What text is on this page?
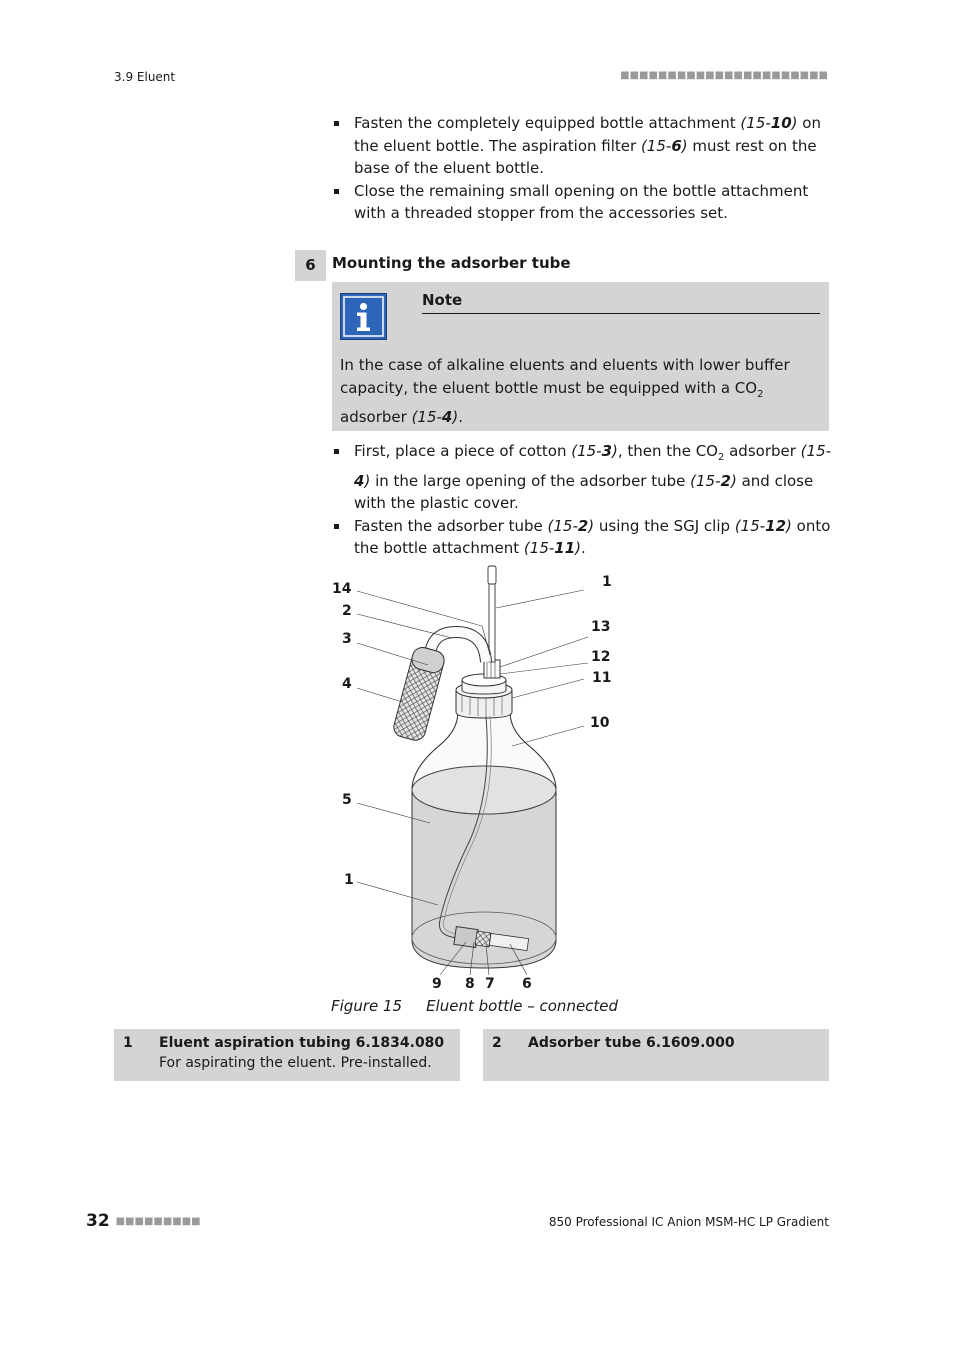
3.9 Eluent	■■■■■■■■■■■■■■■■■■■■■■
Fasten the completely equipped bottle attachment (15-10) on the eluent bottle. The aspiration filter (15-6) must rest on the base of the eluent bottle.
Close the remaining small opening on the bottle attachment with a threaded stopper from the accessories set.
6	Mounting the adsorber tube
Note
In the case of alkaline eluents and eluents with lower buffer capacity, the eluent bottle must be equipped with a $CO_2$ adsorber (15-4).
First, place a piece of cotton (15-3), then the $CO_2$ adsorber (15-4) in the large opening of the adsorber tube (15-2) and close with the plastic cover.
Fasten the adsorber tube (15-2) using the SGJ clip (15-12) onto the bottle attachment (15-11).
14
2
3
4
5
1
1
13
12
11
10
9 8 7 6
Figure 15 Eluent bottle – connected
1 Eluent aspiration tubing 6.1834.080
For aspirating the eluent. Pre-installed.
2 Adsorber tube 6.1609.000
32 ■■■■■■■■■	850 Professional IC Anion MSM-HC LP Gradient
